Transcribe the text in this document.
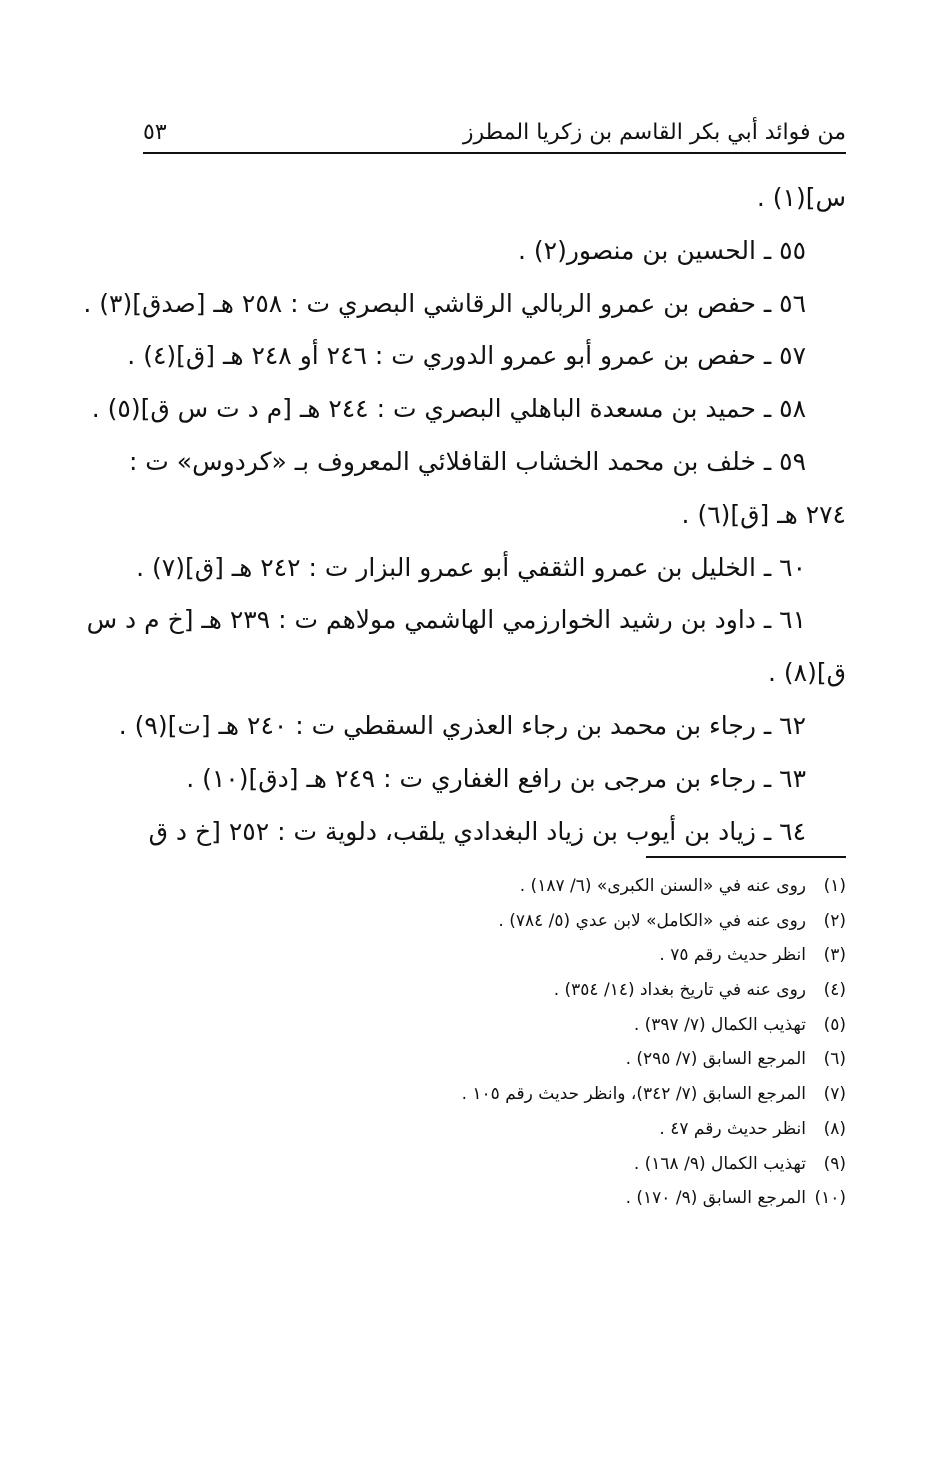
من فوائد أبي بكر القاسم بن زكريا المطرز
٥٣
س](١) .
٥٥ ـ الحسين بن منصور(٢) .
٥٦ ـ حفص بن عمرو الربالي الرقاشي البصري ت : ٢٥٨ هـ [صدق](٣) .
٥٧ ـ حفص بن عمرو أبو عمرو الدوري ت : ٢٤٦ أو ٢٤٨ هـ [ق](٤) .
٥٨ ـ حميد بن مسعدة الباهلي البصري ت : ٢٤٤ هـ [م د ت س ق](٥) .
٥٩ ـ خلف بن محمد الخشاب القافلائي المعروف بـ «كردوس» ت :
٢٧٤ هـ [ق](٦) .
٦٠ ـ الخليل بن عمرو الثقفي أبو عمرو البزار ت : ٢٤٢ هـ [ق](٧) .
٦١ ـ داود بن رشيد الخوارزمي الهاشمي مولاهم ت : ٢٣٩ هـ [خ م د س
ق](٨) .
٦٢ ـ رجاء بن محمد بن رجاء العذري السقطي ت : ٢٤٠ هـ [ت](٩) .
٦٣ ـ رجاء بن مرجى بن رافع الغفاري ت : ٢٤٩ هـ [دق](١٠) .
٦٤ ـ زياد بن أيوب بن زياد البغدادي يلقب، دلوية ت : ٢٥٢ [خ د ق
(١)روى عنه في «السنن الكبرى» (٦/ ١٨٧) .
(٢)روى عنه في «الكامل» لابن عدي (٥/ ٧٨٤) .
(٣)انظر حديث رقم ٧٥ .
(٤)روى عنه في تاريخ بغداد (١٤/ ٣٥٤) .
(٥)تهذيب الكمال (٧/ ٣٩٧) .
(٦)المرجع السابق (٧/ ٢٩٥) .
(٧)المرجع السابق (٧/ ٣٤٢)، وانظر حديث رقم ١٠٥ .
(٨)انظر حديث رقم ٤٧ .
(٩)تهذيب الكمال (٩/ ١٦٨) .
(١٠)المرجع السابق (٩/ ١٧٠) .
